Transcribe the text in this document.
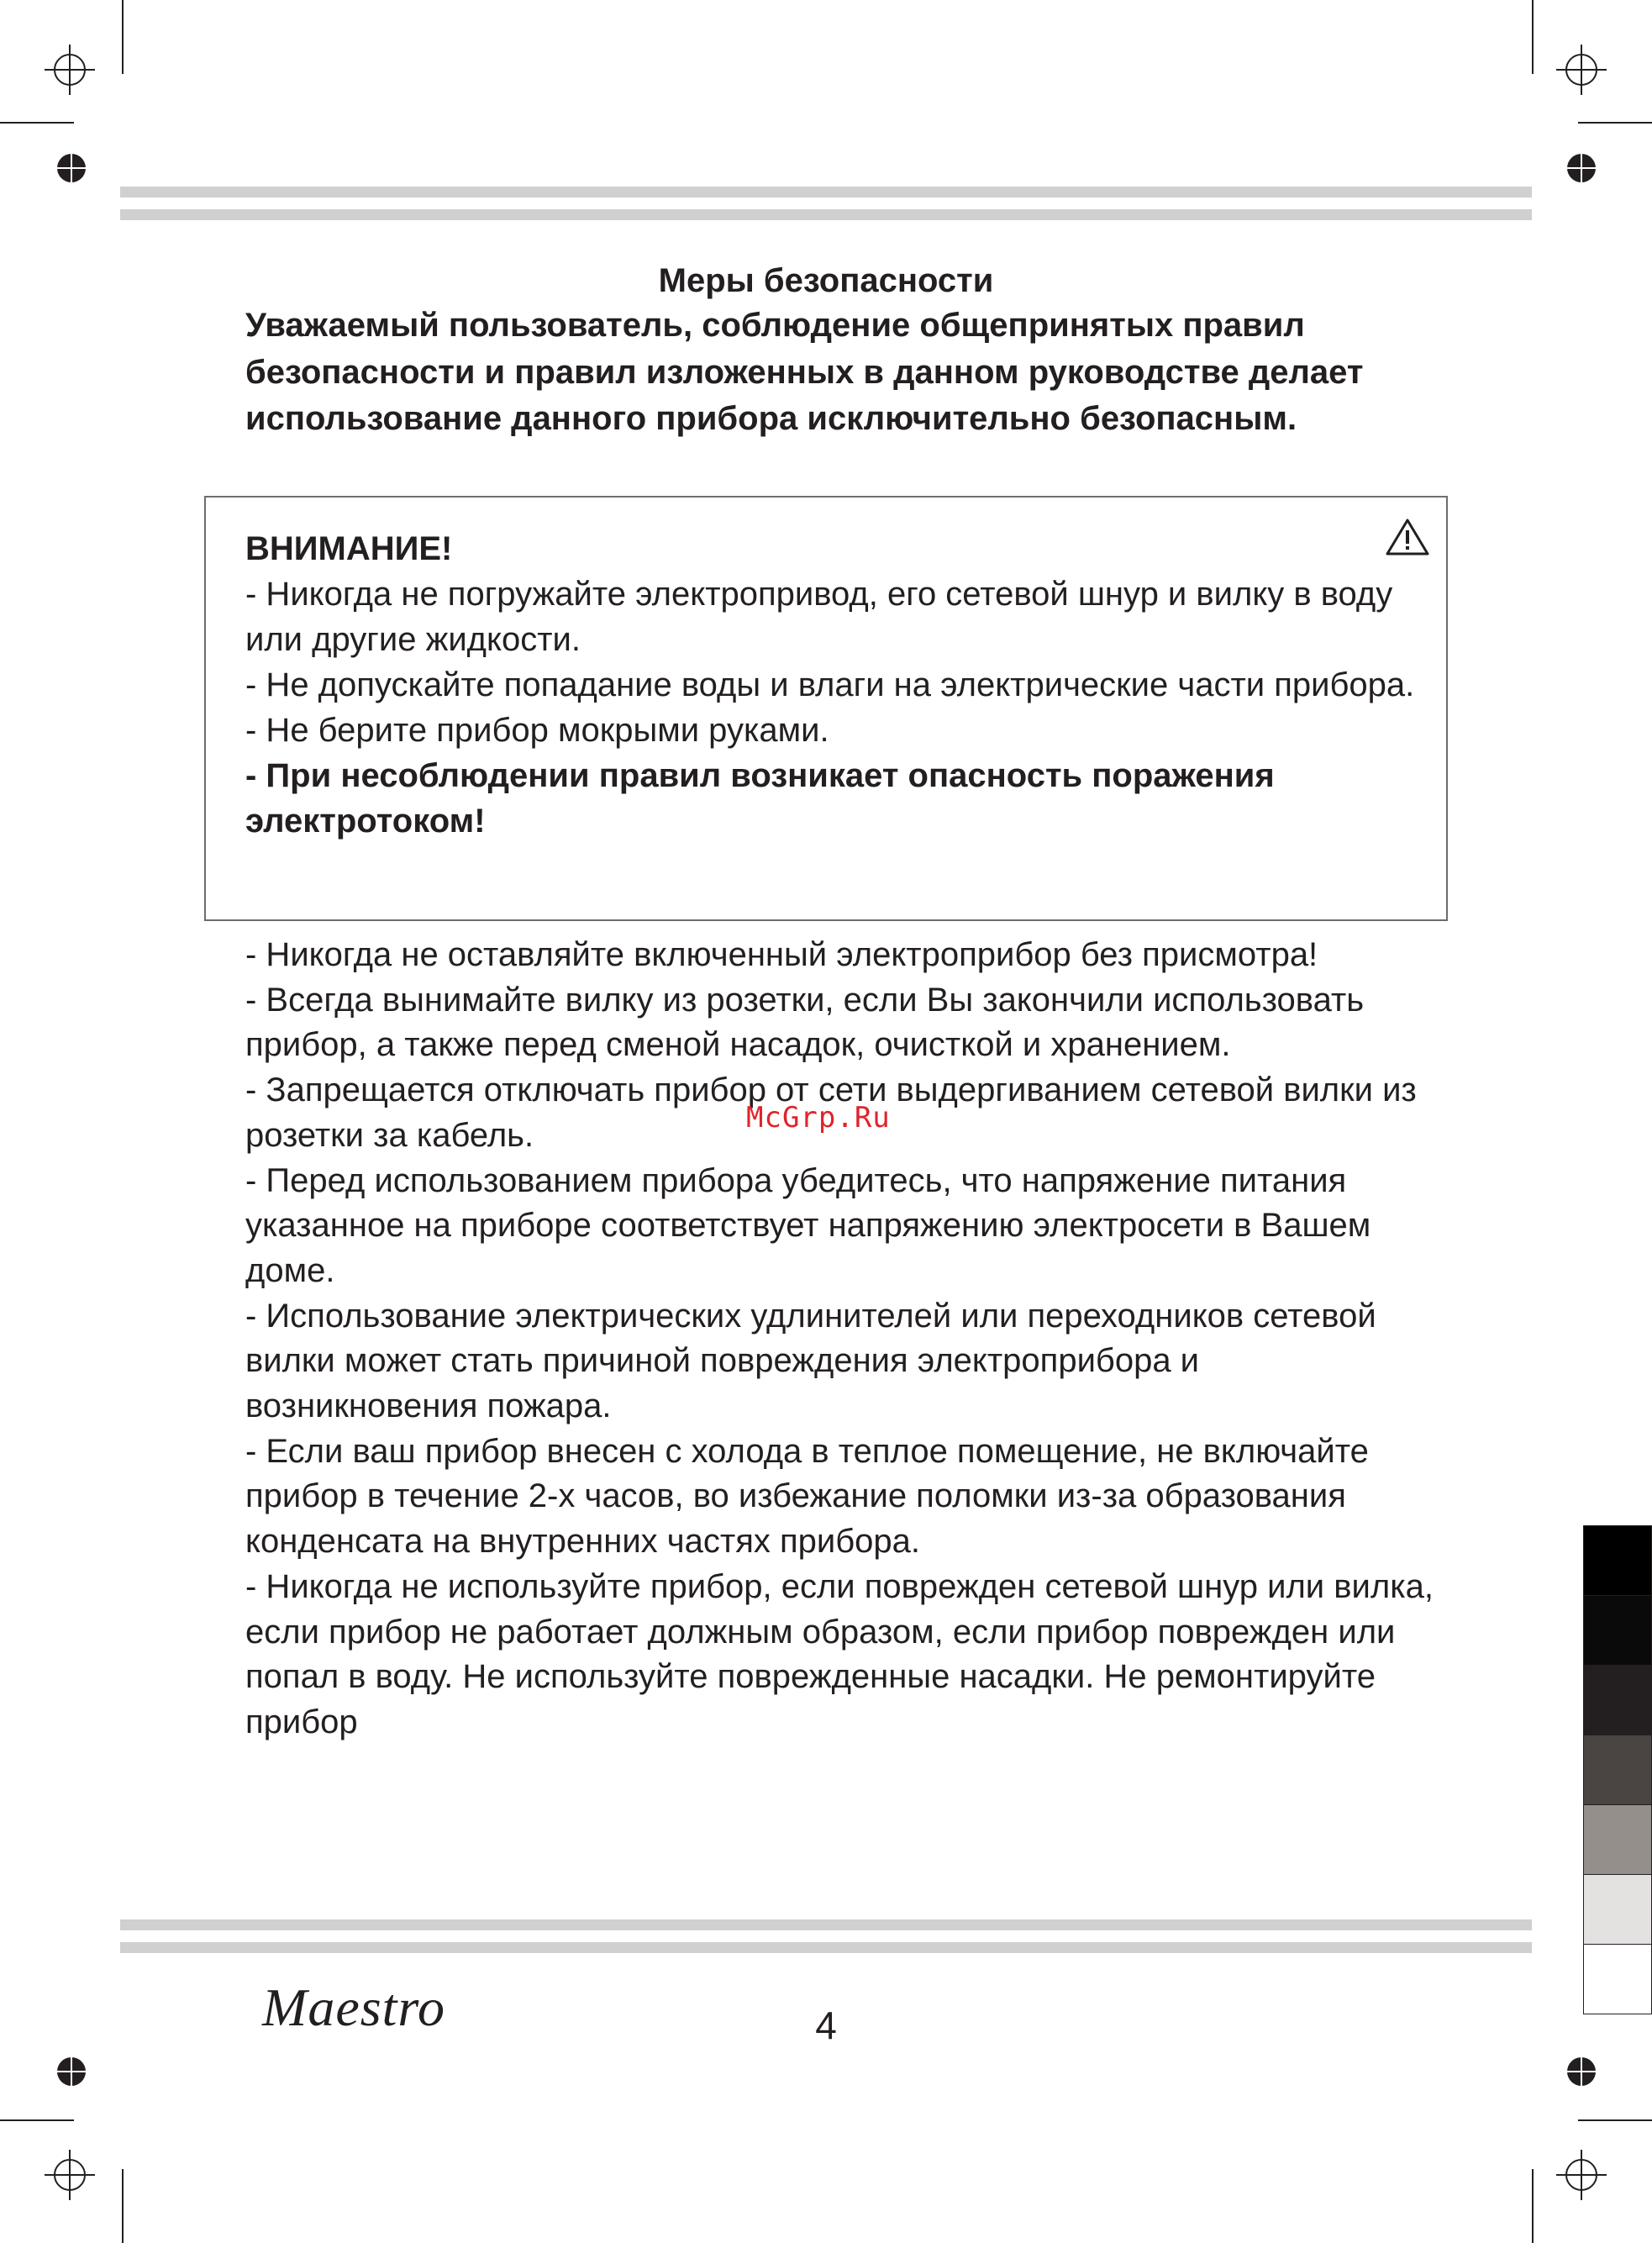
Меры безопасности

Уважаемый пользователь, соблюдение общепринятых правил безопасности и правил изложенных в данном руководстве делает использование данного прибора исключительно безопасным.

ВНИМАНИЕ!

- Никогда не погружайте электропривод, его сетевой шнур и вилку в воду или другие жидкости.
- Не допускайте попадание воды и влаги на электрические части прибора.
- Не берите прибор мокрыми руками.
- При несоблюдении правил возникает опасность поражения электротоком!
- Никогда не оставляйте включенный электроприбор без присмотра!
- Всегда вынимайте вилку из розетки, если Вы закончили использовать прибор, а также перед сменой насадок, очисткой и хранением.
- Запрещается отключать прибор от сети выдергиванием сетевой вилки из розетки за кабель.
- Перед использованием прибора убедитесь, что напряжение питания указанное на приборе соответствует напряжению электросети в Вашем доме.
- Использование электрических удлинителей или переходников сетевой вилки может стать причиной повреждения электроприбора и возникновения пожара.
- Если ваш прибор внесен с холода в теплое помещение, не включайте прибор в течение 2-х часов, во избежание поломки из-за образования конденсата на внутренних частях прибора.
- Никогда не используйте прибор, если поврежден сетевой шнур или вилка, если прибор не работает должным образом, если прибор поврежден или попал в воду. Не используйте поврежденные насадки. Не ремонтируйте прибор
McGrp.Ru
Maestro	4
